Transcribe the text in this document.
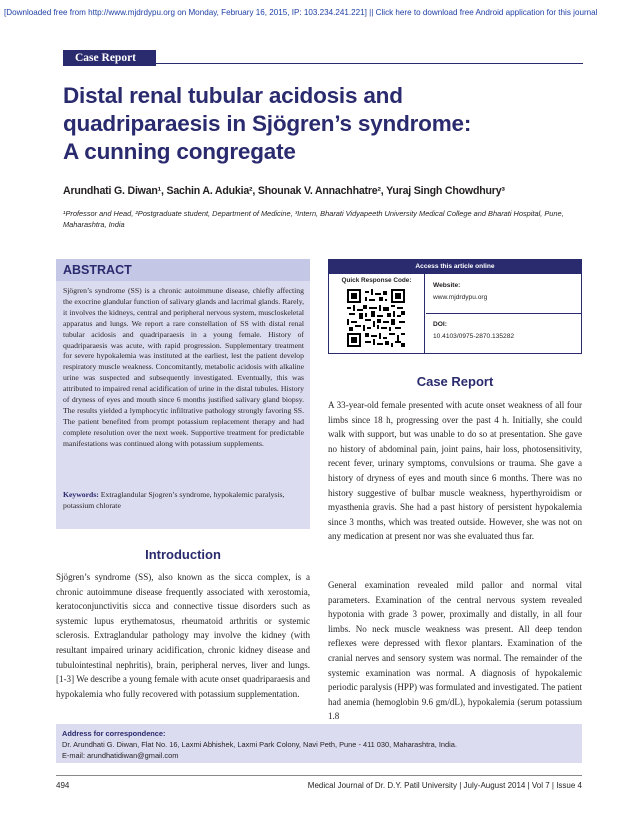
[Downloaded free from http://www.mjdrdypu.org on Monday, February 16, 2015, IP: 103.234.241.221] || Click here to download free Android application for this journal
Case Report
Distal renal tubular acidosis and
quadriparaesis in Sjögren’s syndrome:
A cunning congregate
Arundhati G. Diwan¹, Sachin A. Adukia², Shounak V. Annachhatre², Yuraj Singh Chowdhury³
¹Professor and Head, ²Postgraduate student, Department of Medicine, ³Intern, Bharati Vidyapeeth University Medical College and Bharati Hospital, Pune, Maharashtra, India
ABSTRACT
Sjögren’s syndrome (SS) is a chronic autoimmune disease, chiefly affecting the exocrine glandular function of salivary glands and lacrimal glands. Rarely, it involves the kidneys, central and peripheral nervous system, muscloskeletal apparatus and lungs. We report a rare constellation of SS with distal renal tubular acidosis and quadriparaesis in a young female. History of quadriparaesis was acute, with rapid progression. Supplementary treatment for severe hypokalemia was instituted at the earliest, lest the patient develop respiratory muscle weakness. Concomitantly, metabolic acidosis with alkaline urine was suspected and subsequently investigated. Eventually, this was attributed to impaired renal acidification of urine in the distal tubules. History of dryness of eyes and mouth since 6 months justified salivary gland biopsy. The results yielded a lymphocytic infiltrative pathology strongly favoring SS. The patient benefited from prompt potassium replacement therapy and had complete resolution over the next week. Supportive treatment for predictable manifestations was continued along with potassium supplements.
Keywords: Extraglandular Sjogren’s syndrome, hypokalemic paralysis, potassium chlorate
Access this article online
Quick Response Code:
Website:
www.mjdrdypu.org
DOI:
10.4103/0975-2870.135282
Introduction
Sjögren’s syndrome (SS), also known as the sicca complex, is a chronic autoimmune disease frequently associated with xerostomia, keratoconjunctivitis sicca and connective tissue disorders such as systemic lupus erythematosus, rheumatoid arthritis or systemic sclerosis. Extraglandular pathology may involve the kidney (with resultant impaired urinary acidification, chronic kidney disease and tubulointestinal nephritis), brain, peripheral nerves, liver and lungs.[1-3] We describe a young female with acute onset quadriparaesis and hypokalemia who fully recovered with potassium supplementation.
Case Report
A 33-year-old female presented with acute onset weakness of all four limbs since 18 h, progressing over the past 4 h. Initially, she could walk with support, but was unable to do so at presentation. She gave no history of abdominal pain, joint pains, hair loss, photosensitivity, recent fever, urinary symptoms, convulsions or trauma. She gave a history of dryness of eyes and mouth since 6 months. There was no history suggestive of bulbar muscle weakness, hyperthyroidism or myasthenia gravis. She had a past history of persistent hypokalemia since 3 months, which was treated outside. However, she was not on any medication at present nor was she evaluated thus far.
General examination revealed mild pallor and normal vital parameters. Examination of the central nervous system revealed hypotonia with grade 3 power, proximally and distally, in all four limbs. No neck muscle weakness was present. All deep tendon reflexes were depressed with flexor plantars. Examination of the cranial nerves and sensory system was normal. The remainder of the systemic examination was normal. A diagnosis of hypokalemic periodic paralysis (HPP) was formulated and investigated. The patient had anemia (hemoglobin 9.6 gm/dL), hypokalemia (serum potassium 1.8
Address for correspondence:
Dr. Arundhati G. Diwan, Flat No. 16, Laxmi Abhishek, Laxmi Park Colony, Navi Peth, Pune - 411 030, Maharashtra, India.
E-mail: arundhatidiwan@gmail.com
494	Medical Journal of Dr. D.Y. Patil University | July-August 2014 | Vol 7 | Issue 4
